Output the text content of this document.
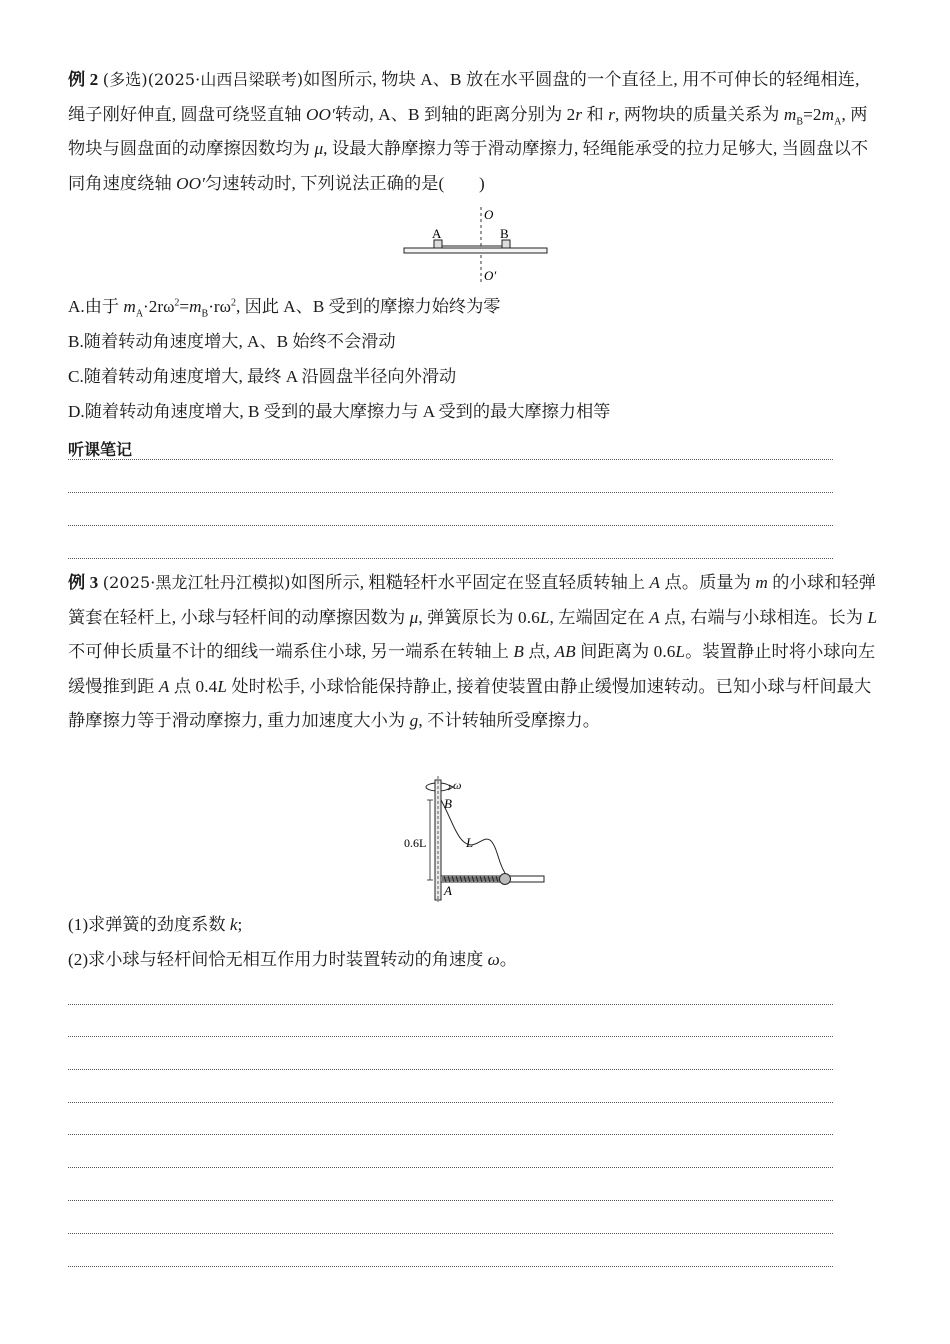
例 2 (多选)(2025·山西吕梁联考)如图所示, 物块 A、B 放在水平圆盘的一个直径上, 用不可伸长的轻绳相连, 绳子刚好伸直, 圆盘可绕竖直轴 OO′转动, A、B 到轴的距离分别为 2r 和 r, 两物块的质量关系为 $m_B=2m_A$, 两物块与圆盘面的动摩擦因数均为 μ, 设最大静摩擦力等于滑动摩擦力, 轻绳能承受的拉力足够大, 当圆盘以不同角速度绕轴 OO′匀速转动时, 下列说法正确的是(　　)
A	B
O
O′
A.由于 $m_A\cdot 2r\omega^2=m_B\cdot r\omega^2$, 因此 A、B 受到的摩擦力始终为零
B.随着转动角速度增大, A、B 始终不会滑动
C.随着转动角速度增大, 最终 A 沿圆盘半径向外滑动
D.随着转动角速度增大, B 受到的最大摩擦力与 A 受到的最大摩擦力相等
听课笔记
例 3 (2025·黑龙江牡丹江模拟)如图所示, 粗糙轻杆水平固定在竖直轻质转轴上 A 点。质量为 m 的小球和轻弹簧套在轻杆上, 小球与轻杆间的动摩擦因数为 μ, 弹簧原长为 0.6L, 左端固定在 A 点, 右端与小球相连。长为 L 不可伸长质量不计的细线一端系住小球, 另一端系在转轴上 B 点, AB 间距离为 0.6L。装置静止时将小球向左缓慢推到距 A 点 0.4L 处时松手, 小球恰能保持静止, 接着使装置由静止缓慢加速转动。已知小球与杆间最大静摩擦力等于滑动摩擦力, 重力加速度大小为 g, 不计转轴所受摩擦力。
ω
0.6L
B
A
L
(1)求弹簧的劲度系数 k;
(2)求小球与轻杆间恰无相互作用力时装置转动的角速度 ω。
